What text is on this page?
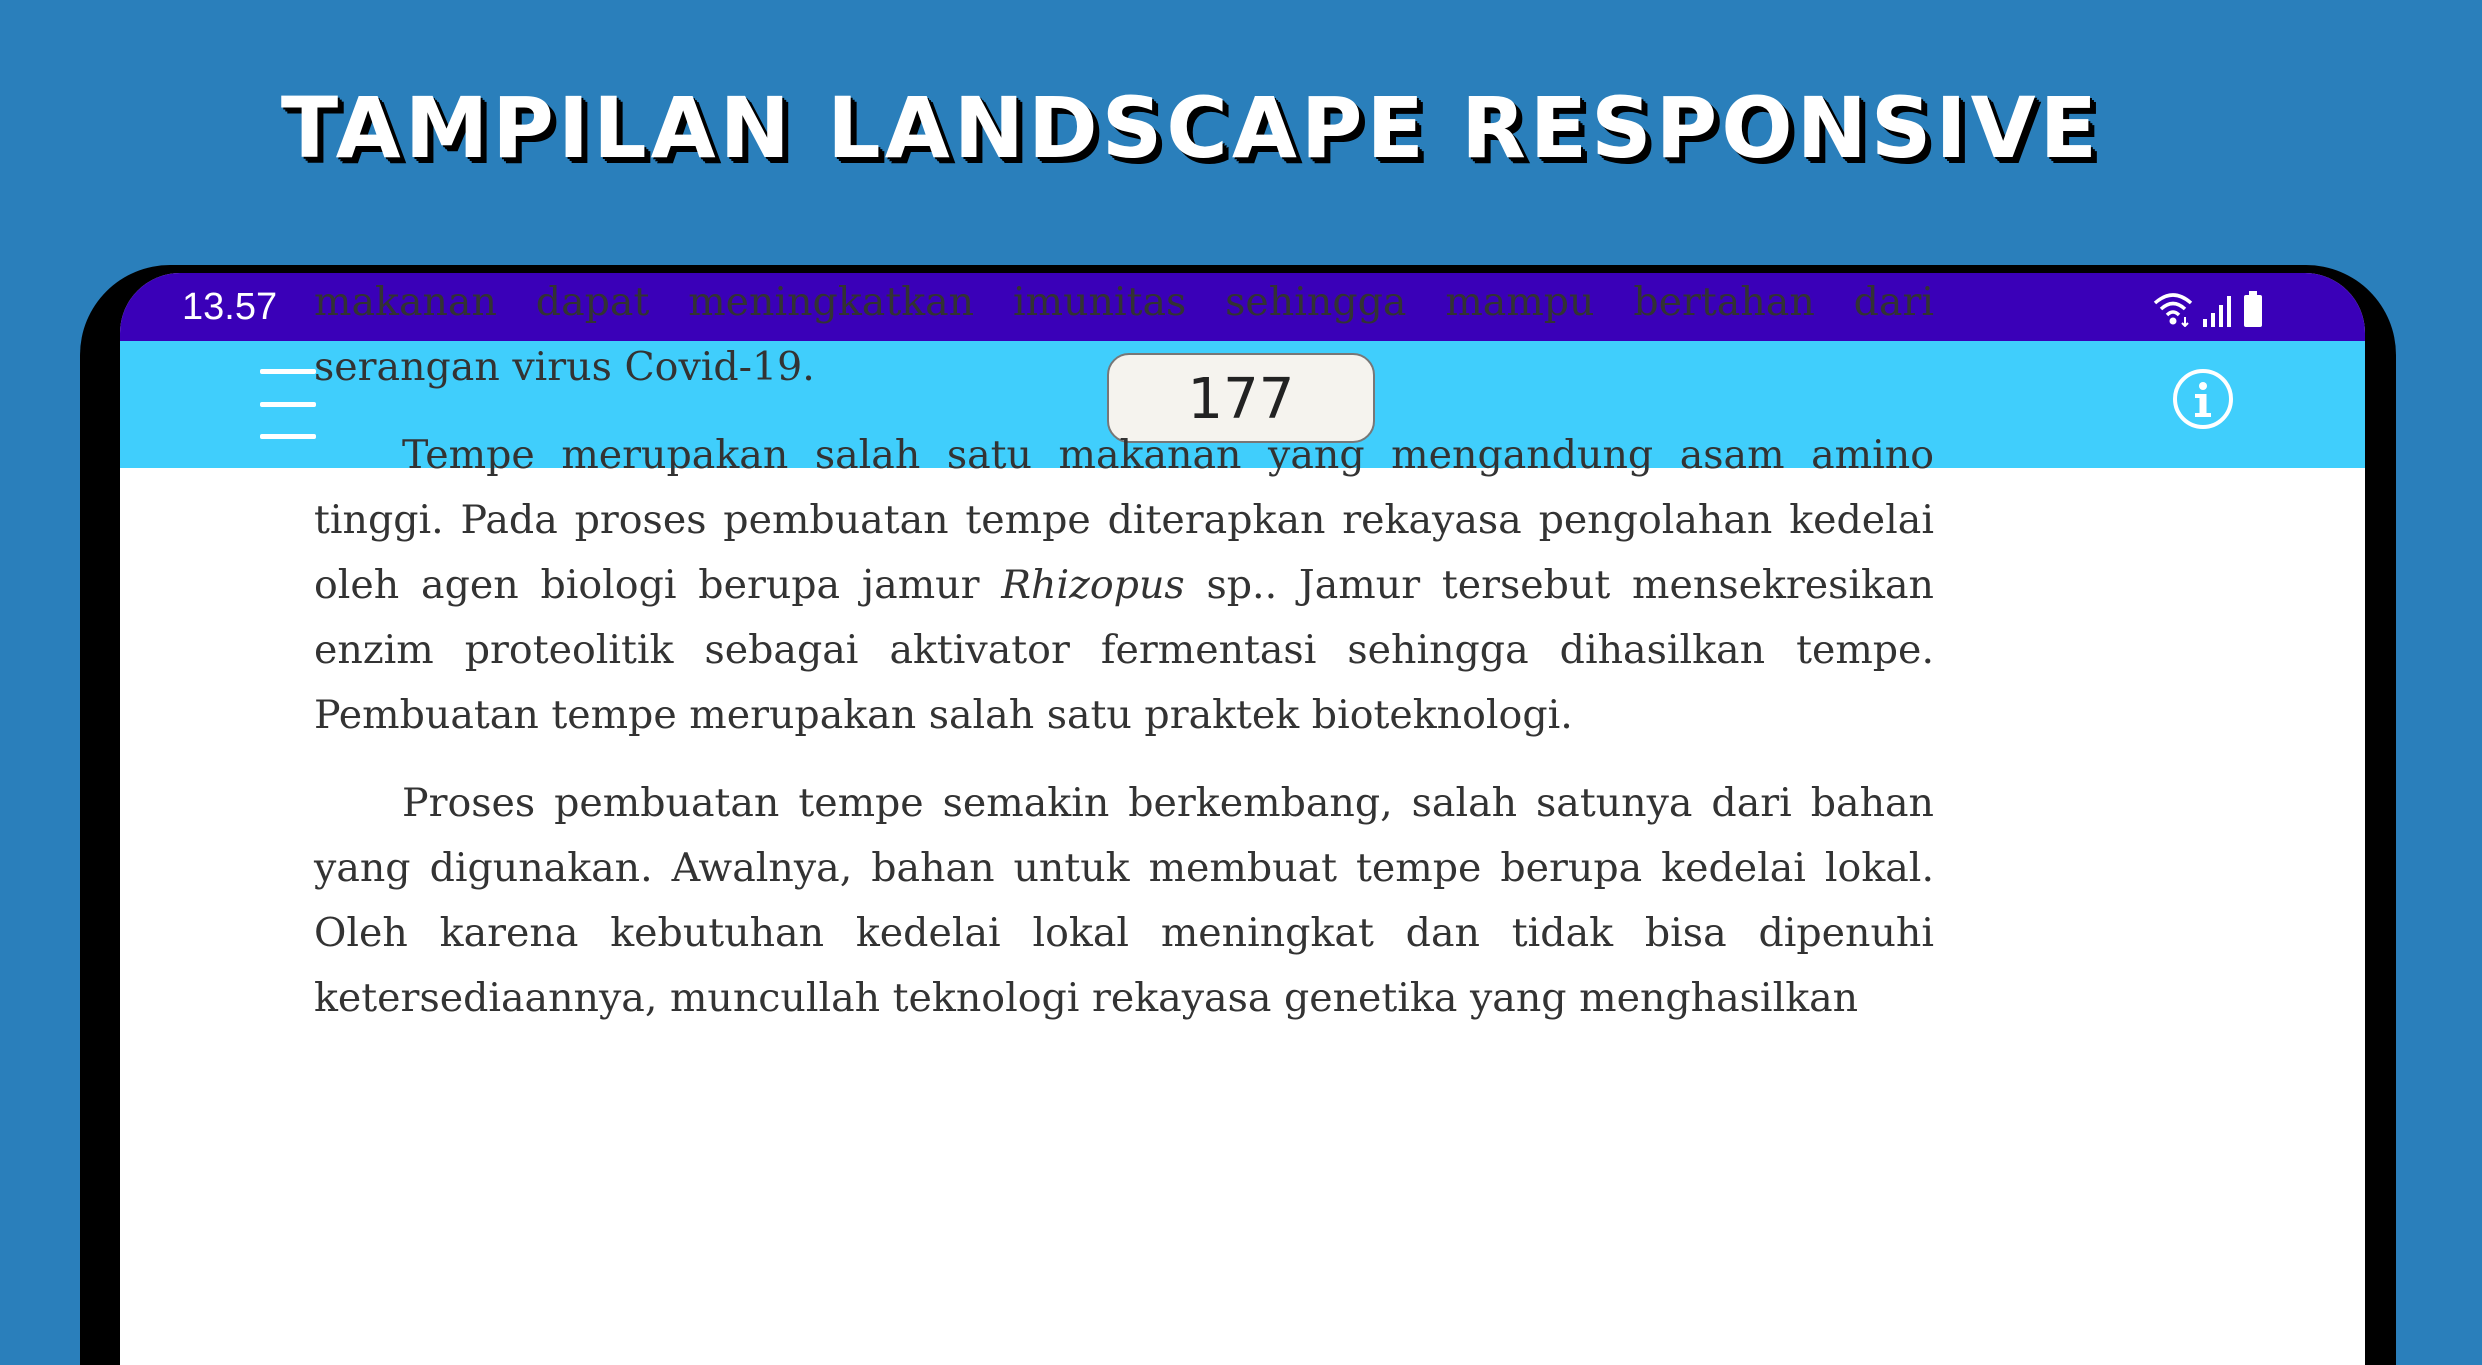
TAMPILAN LANDSCAPE RESPONSIVE
13.57
177

makanan dapat meningkatkan imunitas sehingga mampu bertahan dari serangan virus Covid-19.

Tempe merupakan salah satu makanan yang mengandung asam amino tinggi. Pada proses pembuatan tempe diterapkan rekayasa pengolahan kedelai oleh agen biologi berupa jamur Rhizopus sp.. Jamur tersebut mensekresikan enzim proteolitik sebagai aktivator fermentasi sehingga dihasilkan tempe. Pembuatan tempe merupakan salah satu praktek bioteknologi.

Proses pembuatan tempe semakin berkembang, salah satunya dari bahan yang digunakan. Awalnya, bahan untuk membuat tempe berupa kedelai lokal. Oleh karena kebutuhan kedelai lokal meningkat dan tidak bisa dipenuhi ketersediaannya, muncullah teknologi rekayasa genetika yang menghasilkan
